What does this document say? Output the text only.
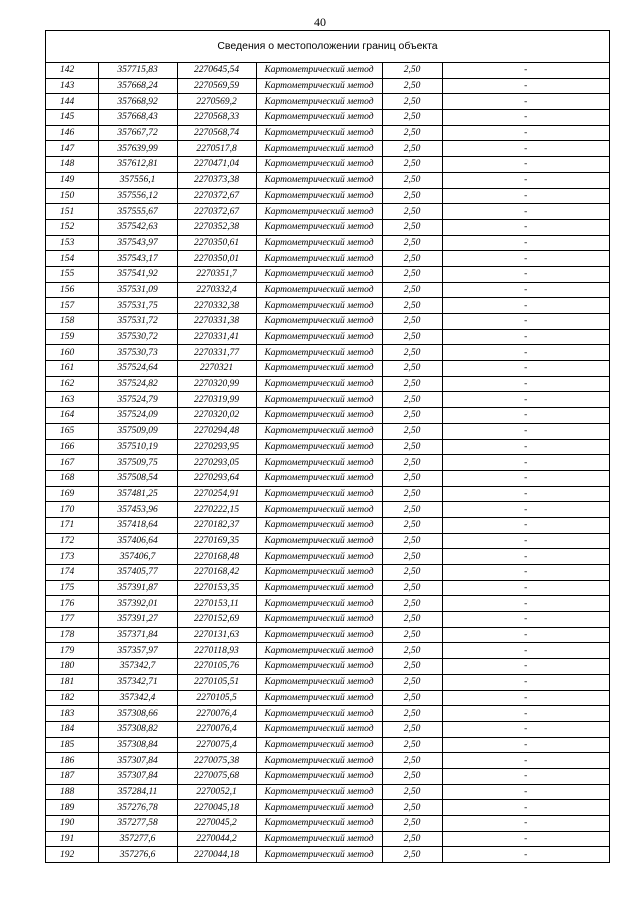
40
Сведения о местоположении границ объекта
142	357715,83	2270645,54	Картометрический метод	2,50	-
143	357668,24	2270569,59	Картометрический метод	2,50	-
144	357668,92	2270569,2	Картометрический метод	2,50	-
145	357668,43	2270568,33	Картометрический метод	2,50	-
146	357667,72	2270568,74	Картометрический метод	2,50	-
147	357639,99	2270517,8	Картометрический метод	2,50	-
148	357612,81	2270471,04	Картометрический метод	2,50	-
149	357556,1	2270373,38	Картометрический метод	2,50	-
150	357556,12	2270372,67	Картометрический метод	2,50	-
151	357555,67	2270372,67	Картометрический метод	2,50	-
152	357542,63	2270352,38	Картометрический метод	2,50	-
153	357543,97	2270350,61	Картометрический метод	2,50	-
154	357543,17	2270350,01	Картометрический метод	2,50	-
155	357541,92	2270351,7	Картометрический метод	2,50	-
156	357531,09	2270332,4	Картометрический метод	2,50	-
157	357531,75	2270332,38	Картометрический метод	2,50	-
158	357531,72	2270331,38	Картометрический метод	2,50	-
159	357530,72	2270331,41	Картометрический метод	2,50	-
160	357530,73	2270331,77	Картометрический метод	2,50	-
161	357524,64	2270321	Картометрический метод	2,50	-
162	357524,82	2270320,99	Картометрический метод	2,50	-
163	357524,79	2270319,99	Картометрический метод	2,50	-
164	357524,09	2270320,02	Картометрический метод	2,50	-
165	357509,09	2270294,48	Картометрический метод	2,50	-
166	357510,19	2270293,95	Картометрический метод	2,50	-
167	357509,75	2270293,05	Картометрический метод	2,50	-
168	357508,54	2270293,64	Картометрический метод	2,50	-
169	357481,25	2270254,91	Картометрический метод	2,50	-
170	357453,96	2270222,15	Картометрический метод	2,50	-
171	357418,64	2270182,37	Картометрический метод	2,50	-
172	357406,64	2270169,35	Картометрический метод	2,50	-
173	357406,7	2270168,48	Картометрический метод	2,50	-
174	357405,77	2270168,42	Картометрический метод	2,50	-
175	357391,87	2270153,35	Картометрический метод	2,50	-
176	357392,01	2270153,11	Картометрический метод	2,50	-
177	357391,27	2270152,69	Картометрический метод	2,50	-
178	357371,84	2270131,63	Картометрический метод	2,50	-
179	357357,97	2270118,93	Картометрический метод	2,50	-
180	357342,7	2270105,76	Картометрический метод	2,50	-
181	357342,71	2270105,51	Картометрический метод	2,50	-
182	357342,4	2270105,5	Картометрический метод	2,50	-
183	357308,66	2270076,4	Картометрический метод	2,50	-
184	357308,82	2270076,4	Картометрический метод	2,50	-
185	357308,84	2270075,4	Картометрический метод	2,50	-
186	357307,84	2270075,38	Картометрический метод	2,50	-
187	357307,84	2270075,68	Картометрический метод	2,50	-
188	357284,11	2270052,1	Картометрический метод	2,50	-
189	357276,78	2270045,18	Картометрический метод	2,50	-
190	357277,58	2270045,2	Картометрический метод	2,50	-
191	357277,6	2270044,2	Картометрический метод	2,50	-
192	357276,6	2270044,18	Картометрический метод	2,50	-
